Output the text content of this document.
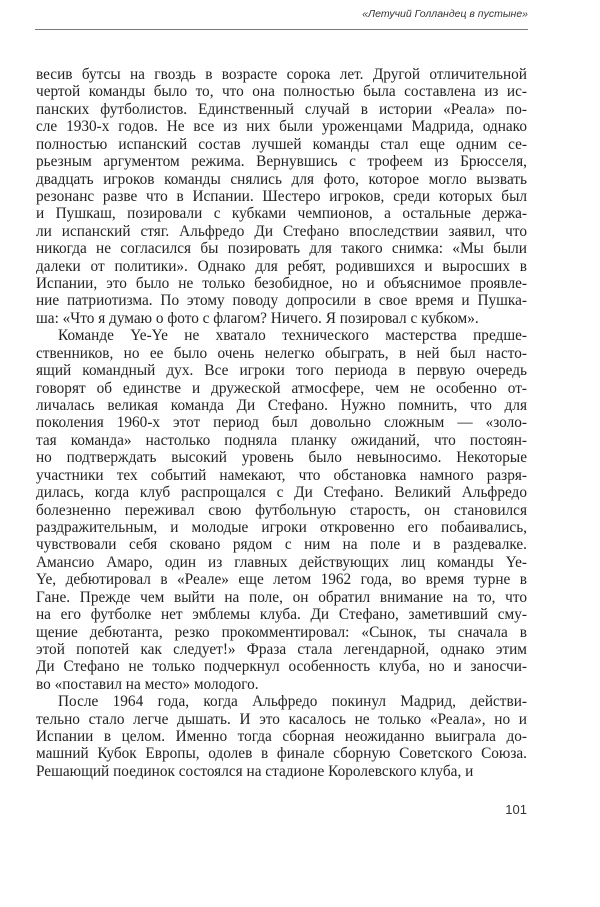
«Летучий Голландец в пустыне»
весив бутсы на гвоздь в возрасте сорока лет. Другой отличительной
чертой команды было то, что она полностью была составлена из ис-
панских футболистов. Единственный случай в истории «Реала» по-
сле 1930-х годов. Не все из них были уроженцами Мадрида, однако
полностью испанский состав лучшей команды стал еще одним се-
рьезным аргументом режима. Вернувшись с трофеем из Брюсселя,
двадцать игроков команды снялись для фото, которое могло вызвать
резонанс разве что в Испании. Шестеро игроков, среди которых был
и Пушкаш, позировали с кубками чемпионов, а остальные держа-
ли испанский стяг. Альфредо Ди Стефано впоследствии заявил, что
никогда не согласился бы позировать для такого снимка: «Мы были
далеки от политики». Однако для ребят, родившихся и выросших в
Испании, это было не только безобидное, но и объяснимое проявле-
ние патриотизма. По этому поводу допросили в свое время и Пушка-
ша: «Что я думаю о фото с флагом? Ничего. Я позировал с кубком».
Команде Ye-Ye не хватало технического мастерства предше-
ственников, но ее было очень нелегко обыграть, в ней был насто-
ящий командный дух. Все игроки того периода в первую очередь
говорят об единстве и дружеской атмосфере, чем не особенно от-
личалась великая команда Ди Стефано. Нужно помнить, что для
поколения 1960-х этот период был довольно сложным — «золо-
тая команда» настолько подняла планку ожиданий, что постоян-
но подтверждать высокий уровень было невыносимо. Некоторые
участники тех событий намекают, что обстановка намного разря-
дилась, когда клуб распрощался с Ди Стефано. Великий Альфредо
болезненно переживал свою футбольную старость, он становился
раздражительным, и молодые игроки откровенно его побаивались,
чувствовали себя сковано рядом с ним на поле и в раздевалке.
Амансио Амаро, один из главных действующих лиц команды Ye-
Ye, дебютировал в «Реале» еще летом 1962 года, во время турне в
Гане. Прежде чем выйти на поле, он обратил внимание на то, что
на его футболке нет эмблемы клуба. Ди Стефано, заметивший сму-
щение дебютанта, резко прокомментировал: «Сынок, ты сначала в
этой попотей как следует!» Фраза стала легендарной, однако этим
Ди Стефано не только подчеркнул особенность клуба, но и заносчи-
во «поставил на место» молодого.
После 1964 года, когда Альфредо покинул Мадрид, действи-
тельно стало легче дышать. И это касалось не только «Реала», но и
Испании в целом. Именно тогда сборная неожиданно выиграла до-
машний Кубок Европы, одолев в финале сборную Советского Союза.
Решающий поединок состоялся на стадионе Королевского клуба, и
101
